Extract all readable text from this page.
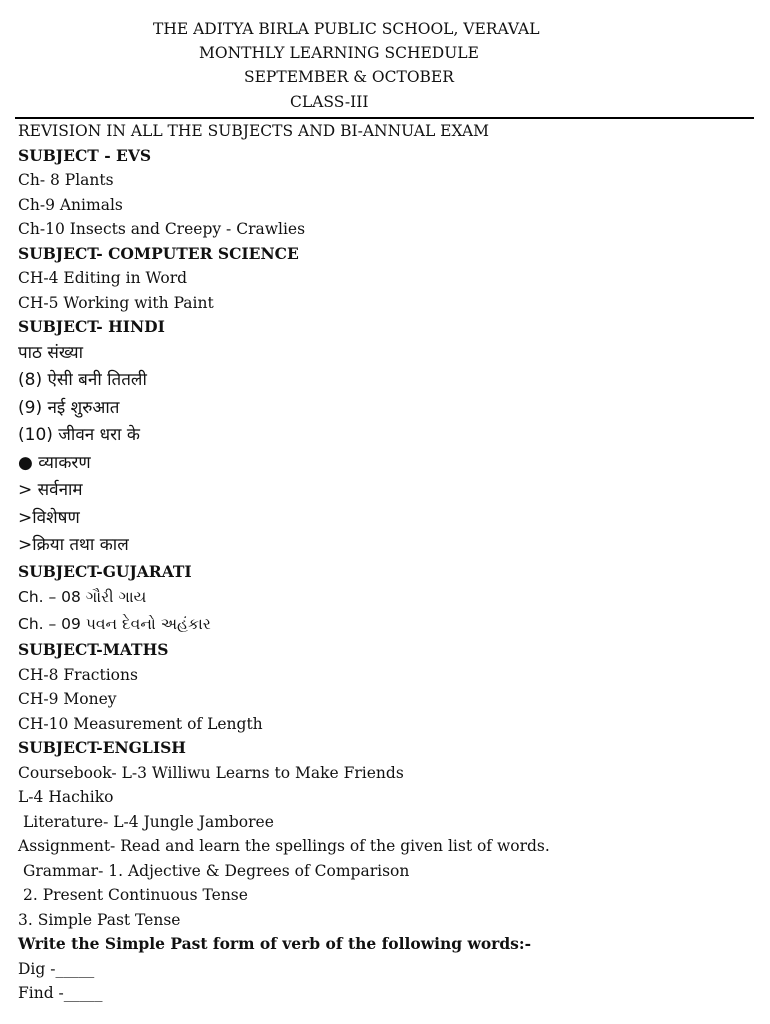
THE ADITYA BIRLA PUBLIC SCHOOL, VERAVAL
MONTHLY LEARNING SCHEDULE
SEPTEMBER & OCTOBER
CLASS-III
REVISION IN ALL THE SUBJECTS AND BI-ANNUAL EXAM
SUBJECT - EVS
Ch- 8 Plants
Ch-9 Animals
Ch-10 Insects and Creepy - Crawlies
SUBJECT- COMPUTER SCIENCE
CH-4 Editing in Word
CH-5 Working with Paint
SUBJECT- HINDI
पाठ संख्या
(8) ऐसी बनी तितली
(9) नई शुरुआत
(10) जीवन धरा के
● व्याकरण
> सर्वनाम
>विशेषण
>क्रिया तथा काल
SUBJECT-GUJARATI
Ch. – 08 ગૌરી ગાય
Ch. – 09 પવન દેવનો અહંકાર
SUBJECT-MATHS
CH-8 Fractions
CH-9 Money
CH-10 Measurement of Length
SUBJECT-ENGLISH
Coursebook- L-3 Williwu Learns to Make Friends
L-4 Hachiko
Literature- L-4 Jungle Jamboree
Assignment- Read and learn the spellings of the given list of words.
Grammar- 1. Adjective & Degrees of Comparison
2. Present Continuous Tense
3. Simple Past Tense
Write the Simple Past form of verb of the following words:-
Dig -_____
Find -_____
